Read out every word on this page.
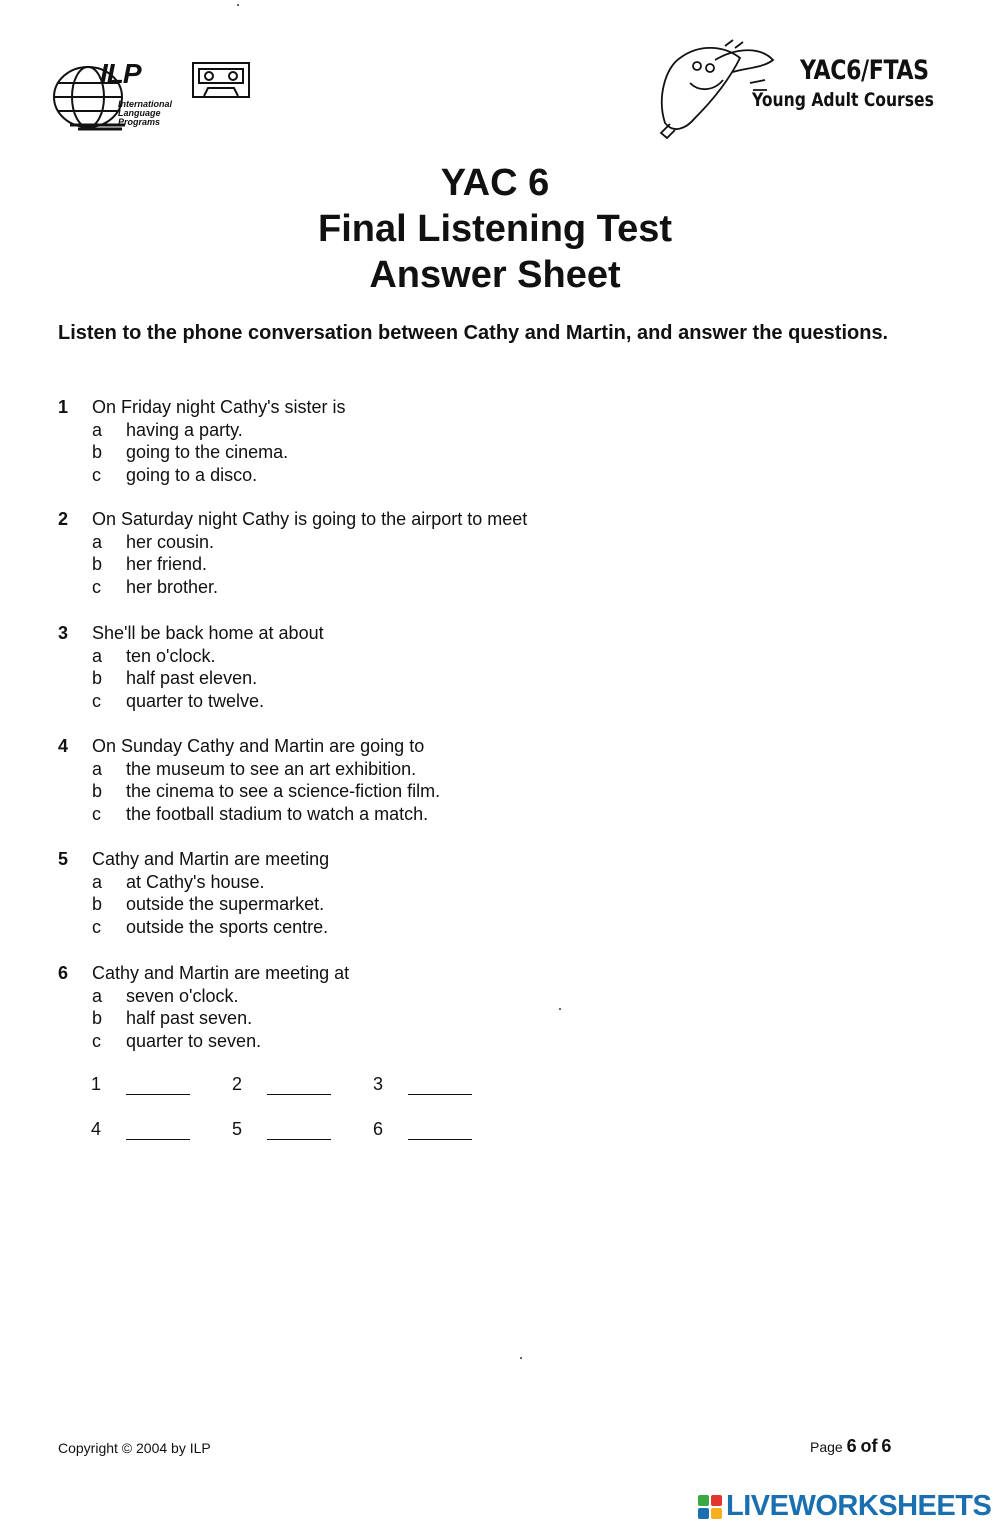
ILP
International
Language
Programs
YAC6/FTAS
Young Adult Courses
YAC 6
Final Listening Test
Answer Sheet
Listen to the phone conversation between Cathy and Martin, and answer the questions.
1	On Friday night Cathy's sister is
a	having a party.
b	going to the cinema.
c	going to a disco.
2	On Saturday night Cathy is going to the airport to meet
a	her cousin.
b	her friend.
c	her brother.
3	She'll be back home at about
a	ten o'clock.
b	half past eleven.
c	quarter to twelve.
4	On Sunday Cathy and Martin are going to
a	the museum to see an art exhibition.
b	the cinema to see a science-fiction film.
c	the football stadium to watch a match.
5	Cathy and Martin are meeting
a	at Cathy's house.
b	outside the supermarket.
c	outside the sports centre.
6	Cathy and Martin are meeting at
a	seven o'clock.
b	half past seven.
c	quarter to seven.
1	2	3
4	5	6
Copyright © 2004 by ILP	Page 6 of 6
LIVEWORKSHEETS
